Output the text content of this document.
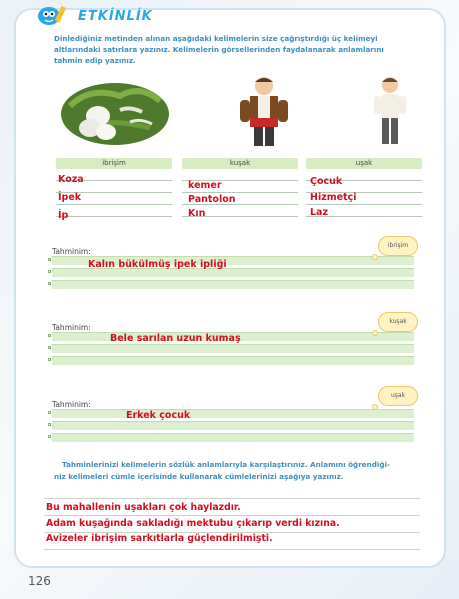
ETKİNLİK
Dinlediğiniz metinden alınan aşağıdaki kelimelerin size çağrıştırdığı üç kelimeyi
altlarındaki satırlara yazınız. Kelimelerin görsellerinden faydalanarak anlamlarını
tahmin edip yazınız.
ibrişim	kuşak	uşak
Koza
İpek
İp
kemer
Pantolon
Kın
Çocuk
Hizmetçi
Laz
Tahminim:
Kalın bükülmüş ipek ipliği
ibrişim
Tahminim:
Bele sarılan uzun kumaş
kuşak
Tahminim:
Erkek çocuk
uşak
Tahminlerinizi kelimelerin sözlük anlamlarıyla karşılaştırınız. Anlamını öğrendiği-
niz kelimeleri cümle içerisinde kullanarak cümlelerinizi aşağıya yazınız.
Bu mahallenin uşakları çok haylazdır.
Adam kuşağında sakladığı mektubu çıkarıp verdi kızına.
Avizeler ibrişim sarkıtlarla güçlendirilmişti.
126
